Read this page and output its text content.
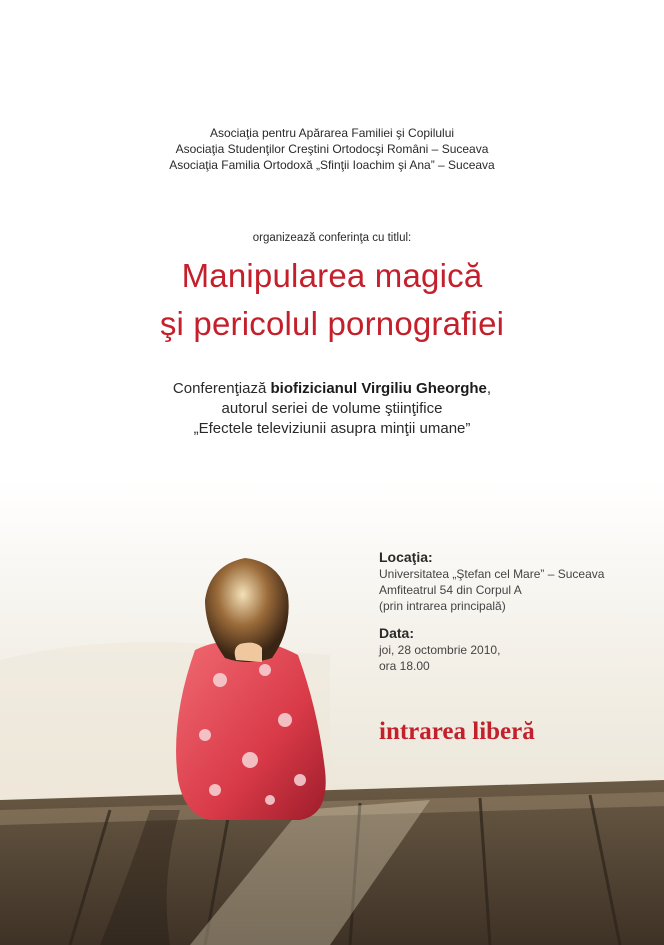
Asociaţia pentru Apărarea Familiei şi Copilului
Asociaţia Studenţilor Creştini Ortodocşi Români – Suceava
Asociaţia Familia Ortodoxă „Sfinţii Ioachim şi Ana” – Suceava
organizează conferinţa cu titlul:
Manipularea magică
şi pericolul pornografiei
Conferenţiază biofizicianul Virgiliu Gheorghe,
autorul seriei de volume ştiinţifice
„Efectele televiziunii asupra minţii umane”
Locaţia:
Universitatea „Ştefan cel Mare” – Suceava
Amfiteatrul 54 din Corpul A
(prin intrarea principală)
Data:
joi, 28 octombrie 2010,
ora 18.00
intrarea liberă
